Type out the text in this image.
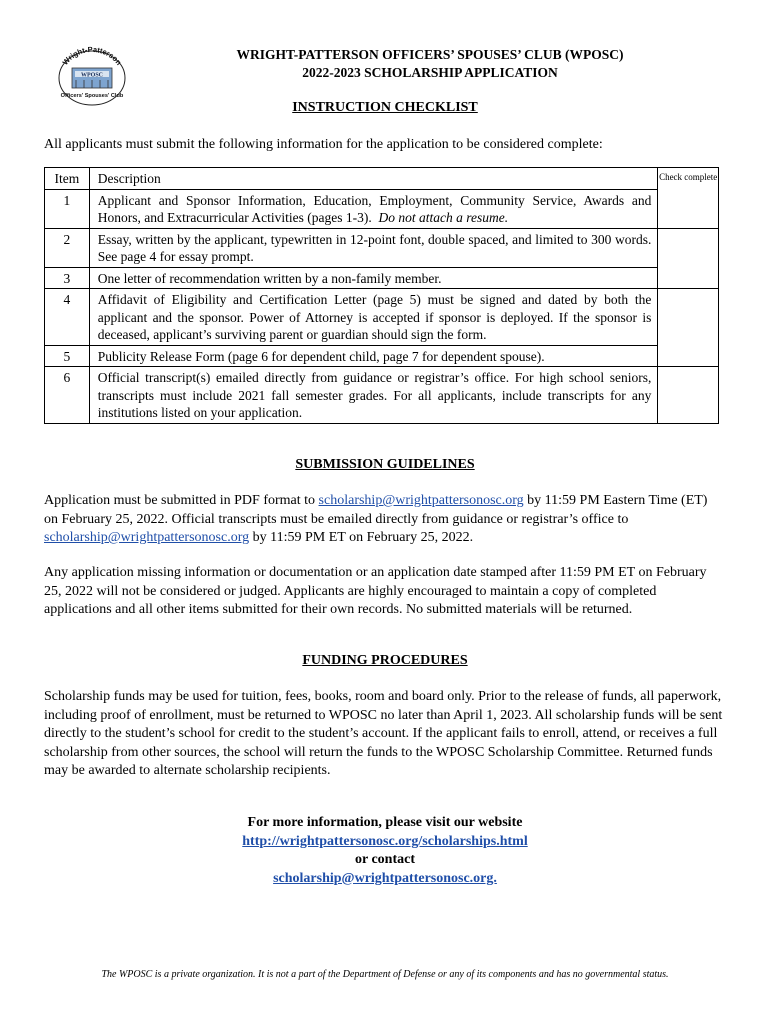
Wright-Patterson
WPOSC
Officers' Spouses' Club
WRIGHT-PATTERSON OFFICERS’ SPOUSES’ CLUB (WPOSC)
2022-2023 SCHOLARSHIP APPLICATION
INSTRUCTION CHECKLIST
All applicants must submit the following information for the application to be considered complete:
Item	Description	Check complete
1	Applicant and Sponsor Information, Education, Employment, Community Service, Awards and Honors, and Extracurricular Activities (pages 1-3). Do not attach a resume.	
2	Essay, written by the applicant, typewritten in 12-point font, double spaced, and limited to 300 words. See page 4 for essay prompt.	
3	One letter of recommendation written by a non-family member.	
4	Affidavit of Eligibility and Certification Letter (page 5) must be signed and dated by both the applicant and the sponsor. Power of Attorney is accepted if sponsor is deployed. If the sponsor is deceased, applicant’s surviving parent or guardian should sign the form.	
5	Publicity Release Form (page 6 for dependent child, page 7 for dependent spouse).	
6	Official transcript(s) emailed directly from guidance or registrar’s office. For high school seniors, transcripts must include 2021 fall semester grades. For all applicants, include transcripts for any institutions listed on your application.	
SUBMISSION GUIDELINES
Application must be submitted in PDF format to scholarship@wrightpattersonosc.org by 11:59 PM Eastern Time (ET) on February 25, 2022. Official transcripts must be emailed directly from guidance or registrar’s office to scholarship@wrightpattersonosc.org by 11:59 PM ET on February 25, 2022.
Any application missing information or documentation or an application date stamped after 11:59 PM ET on February 25, 2022 will not be considered or judged. Applicants are highly encouraged to maintain a copy of completed applications and all other items submitted for their own records. No submitted materials will be returned.
FUNDING PROCEDURES
Scholarship funds may be used for tuition, fees, books, room and board only. Prior to the release of funds, all paperwork, including proof of enrollment, must be returned to WPOSC no later than April 1, 2023. All scholarship funds will be sent directly to the student’s school for credit to the student’s account. If the applicant fails to enroll, attend, or receives a full scholarship from other sources, the school will return the funds to the WPOSC Scholarship Committee. Returned funds may be awarded to alternate scholarship recipients.
For more information, please visit our website
http://wrightpattersonosc.org/scholarships.html
or contact
scholarship@wrightpattersonosc.org.
The WPOSC is a private organization. It is not a part of the Department of Defense or any of its components and has no governmental status.
